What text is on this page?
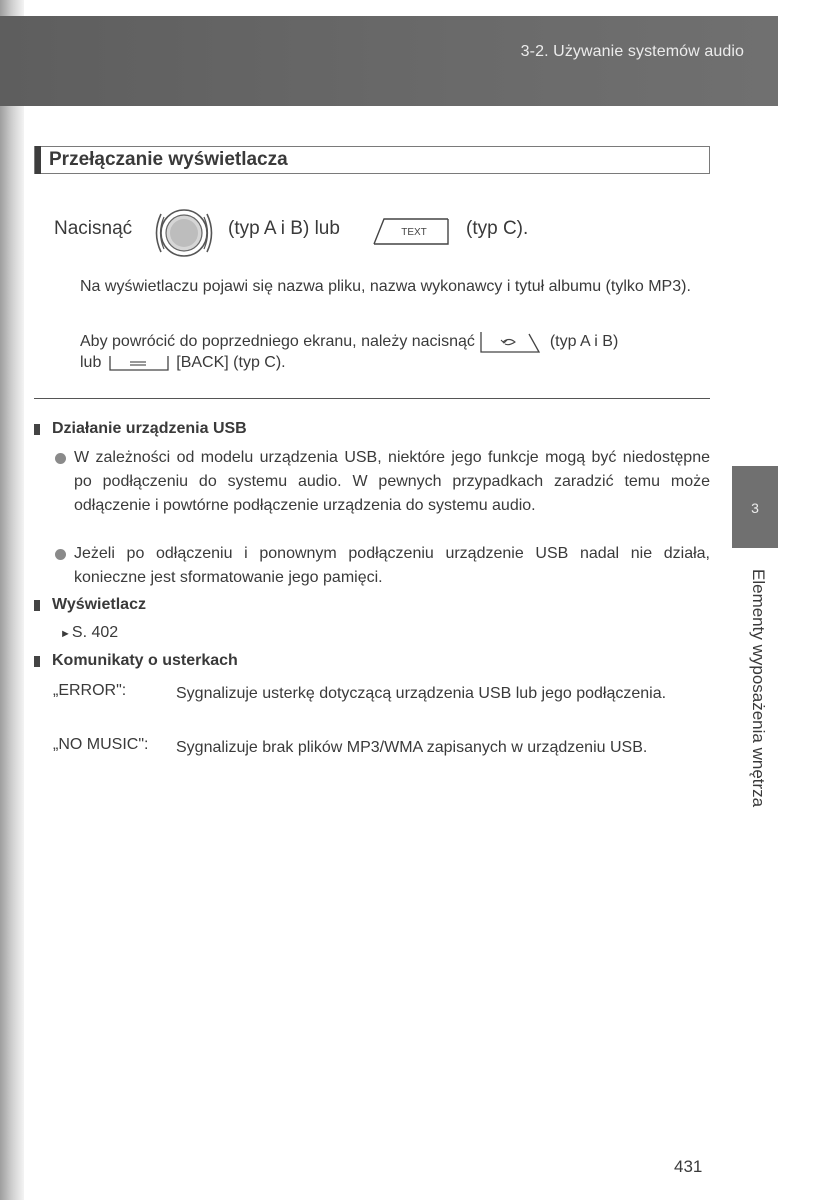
3-2. Używanie systemów audio
Przełączanie wyświetlacza
Nacisnąć	(typ A i B) lub	TEXT (typ C).
Na wyświetlaczu pojawi się nazwa pliku, nazwa wykonawcy i tytuł albumu (tylko MP3).
Aby powrócić do poprzedniego ekranu, należy nacisnąć	(typ A i B)
lub	[BACK] (typ C).
Działanie urządzenia USB
W zależności od modelu urządzenia USB, niektóre jego funkcje mogą być niedostępne po podłączeniu do systemu audio. W pewnych przypadkach zaradzić temu może odłączenie i powtórne podłączenie urządzenia do systemu audio.
Jeżeli po odłączeniu i ponownym podłączeniu urządzenie USB nadal nie działa, konieczne jest sformatowanie jego pamięci.
Wyświetlacz
►S. 402
Komunikaty o usterkach
„ERROR":	Sygnalizuje usterkę dotyczącą urządzenia USB lub jego podłączenia.
„NO MUSIC": Sygnalizuje brak plików MP3/WMA zapisanych w urządzeniu USB.
3
Elementy wyposażenia wnętrza
431
